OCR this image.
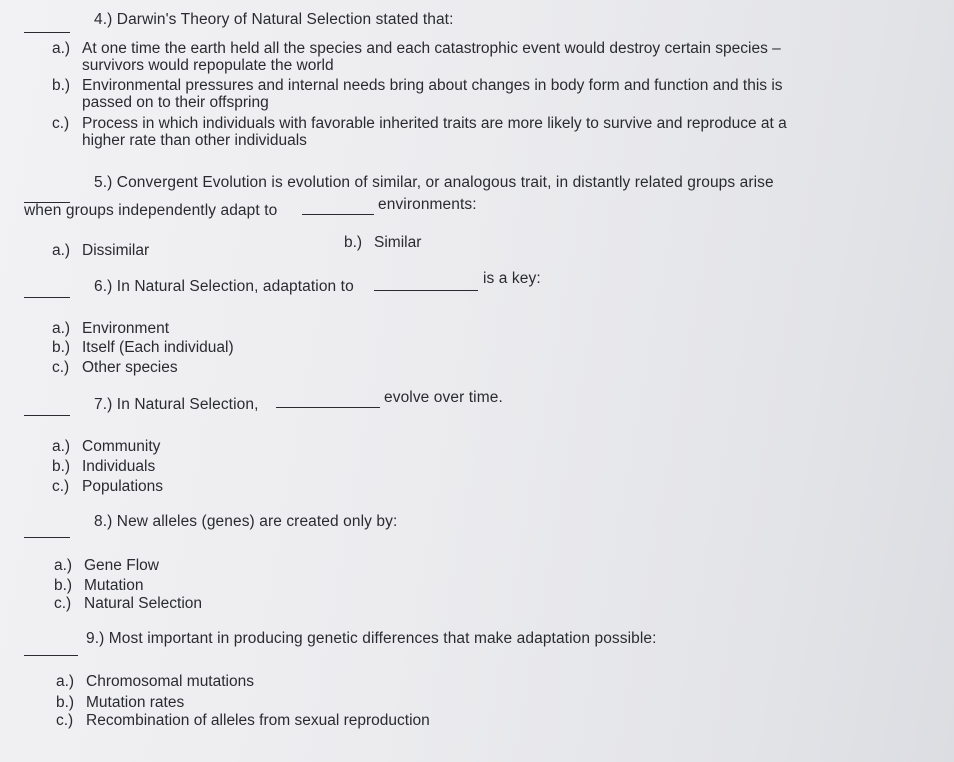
4.) Darwin's Theory of Natural Selection stated that:
a.) At one time the earth held all the species and each catastrophic event would destroy certain species – survivors would repopulate the world
b.) Environmental pressures and internal needs bring about changes in body form and function and this is passed on to their offspring
c.) Process in which individuals with favorable inherited traits are more likely to survive and reproduce at a higher rate than other individuals
5.) Convergent Evolution is evolution of similar, or analogous trait, in distantly related groups arise
when groups independently adapt to	environments:
a.) Dissimilar	b.) Similar
6.) In Natural Selection, adaptation to	is a key:
a.) Environment
b.) Itself (Each individual)
c.) Other species
7.) In Natural Selection,	evolve over time.
a.) Community
b.) Individuals
c.) Populations
8.) New alleles (genes) are created only by:
a.) Gene Flow
b.) Mutation
c.) Natural Selection
9.) Most important in producing genetic differences that make adaptation possible:
a.) Chromosomal mutations
b.) Mutation rates
c.) Recombination of alleles from sexual reproduction
